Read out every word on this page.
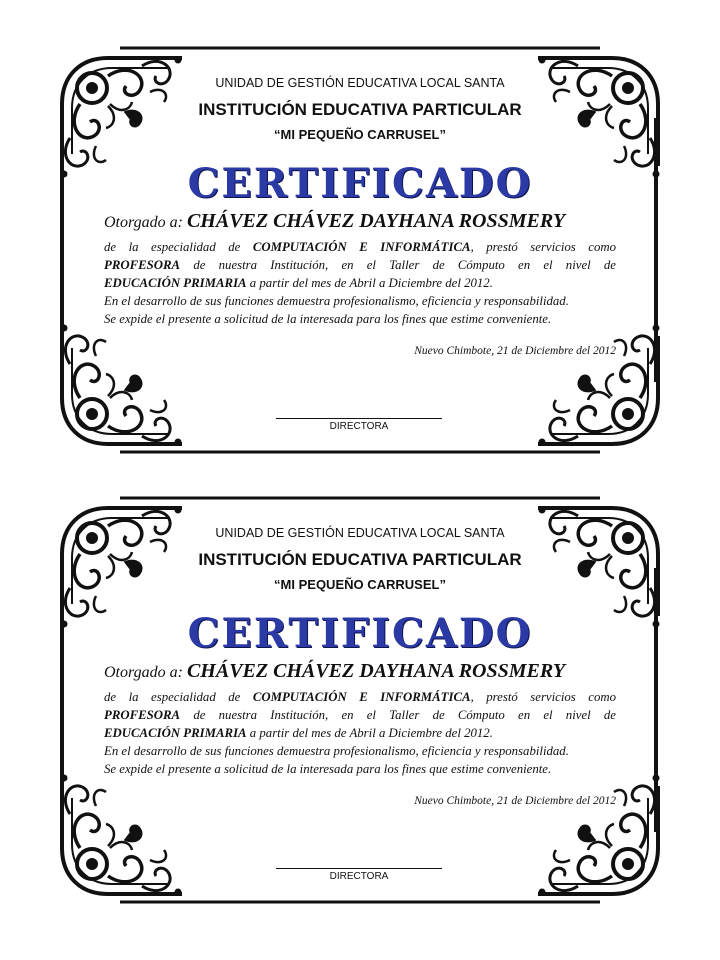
UNIDAD DE GESTIÓN EDUCATIVA LOCAL SANTA
INSTITUCIÓN EDUCATIVA PARTICULAR
“MI PEQUEÑO CARRUSEL”
CERTIFICADO
Otorgado a: CHÁVEZ CHÁVEZ DAYHANA ROSSMERY

de la especialidad de COMPUTACIÓN E INFORMÁTICA, prestó servicios como

PROFESORA de nuestra Institución, en el Taller de Cómputo en el nivel de

EDUCACIÓN PRIMARIA a partir del mes de Abril a Diciembre del 2012.

En el desarrollo de sus funciones demuestra profesionalismo, eficiencia y responsabilidad.

Se expide el presente a solicitud de la interesada para los fines que estime conveniente.

Nuevo Chimbote, 21 de Diciembre del 2012
DIRECTORA
UNIDAD DE GESTIÓN EDUCATIVA LOCAL SANTA
INSTITUCIÓN EDUCATIVA PARTICULAR
“MI PEQUEÑO CARRUSEL”
CERTIFICADO
Otorgado a: CHÁVEZ CHÁVEZ DAYHANA ROSSMERY

de la especialidad de COMPUTACIÓN E INFORMÁTICA, prestó servicios como

PROFESORA de nuestra Institución, en el Taller de Cómputo en el nivel de

EDUCACIÓN PRIMARIA a partir del mes de Abril a Diciembre del 2012.

En el desarrollo de sus funciones demuestra profesionalismo, eficiencia y responsabilidad.

Se expide el presente a solicitud de la interesada para los fines que estime conveniente.

Nuevo Chimbote, 21 de Diciembre del 2012
DIRECTORA
